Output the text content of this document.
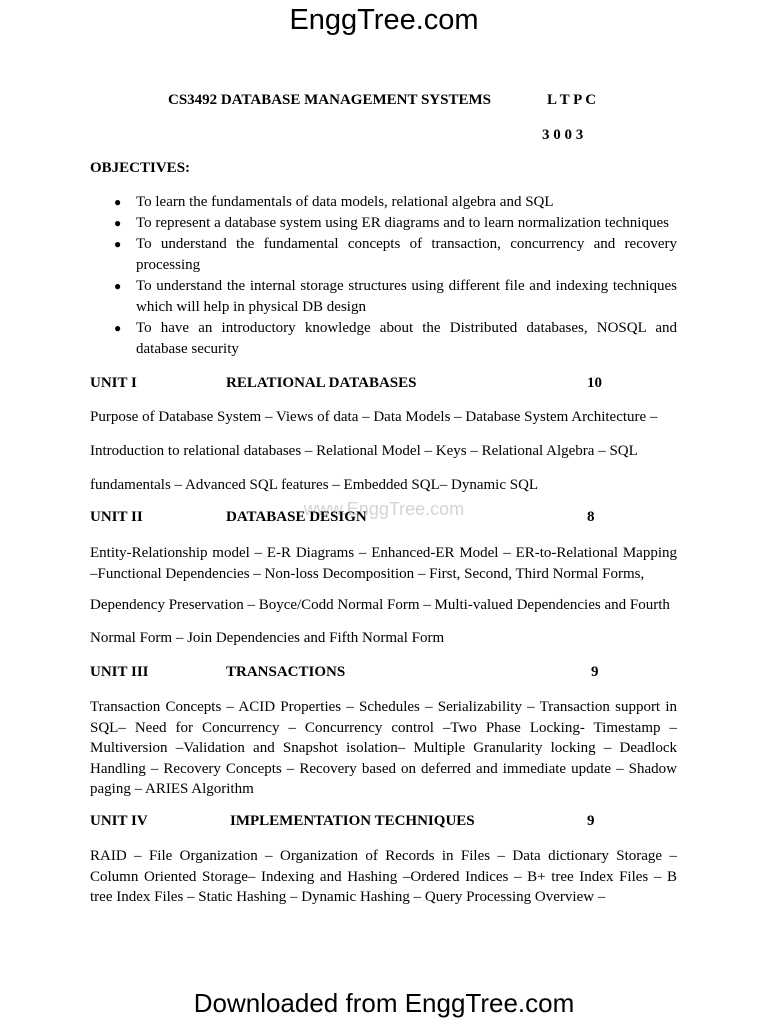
EnggTree.com
www.EnggTree.com
CS3492 DATABASE MANAGEMENT SYSTEMS	L T P C
3 0 0 3
OBJECTIVES:
● To learn the fundamentals of data models, relational algebra and SQL
● To represent a database system using ER diagrams and to learn normalization techniques
● To understand the fundamental concepts of transaction, concurrency and recovery processing
● To understand the internal storage structures using different file and indexing techniques which will help in physical DB design
● To have an introductory knowledge about the Distributed databases, NOSQL and database security
UNIT I	RELATIONAL DATABASES	10
Purpose of Database System – Views of data – Data Models – Database System Architecture –
Introduction to relational databases – Relational Model – Keys – Relational Algebra – SQL
fundamentals – Advanced SQL features – Embedded SQL– Dynamic SQL
UNIT II	DATABASE DESIGN	8
Entity-Relationship model – E-R Diagrams – Enhanced-ER Model – ER-to-Relational Mapping –Functional Dependencies – Non-loss Decomposition – First, Second, Third Normal Forms,
Dependency Preservation – Boyce/Codd Normal Form – Multi-valued Dependencies and Fourth
Normal Form – Join Dependencies and Fifth Normal Form
UNIT III	TRANSACTIONS	9
Transaction Concepts – ACID Properties – Schedules – Serializability – Transaction support in SQL– Need for Concurrency – Concurrency control –Two Phase Locking- Timestamp – Multiversion –Validation and Snapshot isolation– Multiple Granularity locking – Deadlock Handling – Recovery Concepts – Recovery based on deferred and immediate update – Shadow paging – ARIES Algorithm
UNIT IV	IMPLEMENTATION TECHNIQUES	9
RAID – File Organization – Organization of Records in Files – Data dictionary Storage – Column Oriented Storage– Indexing and Hashing –Ordered Indices – B+ tree Index Files – B tree Index Files – Static Hashing – Dynamic Hashing – Query Processing Overview –
Downloaded from EnggTree.com
